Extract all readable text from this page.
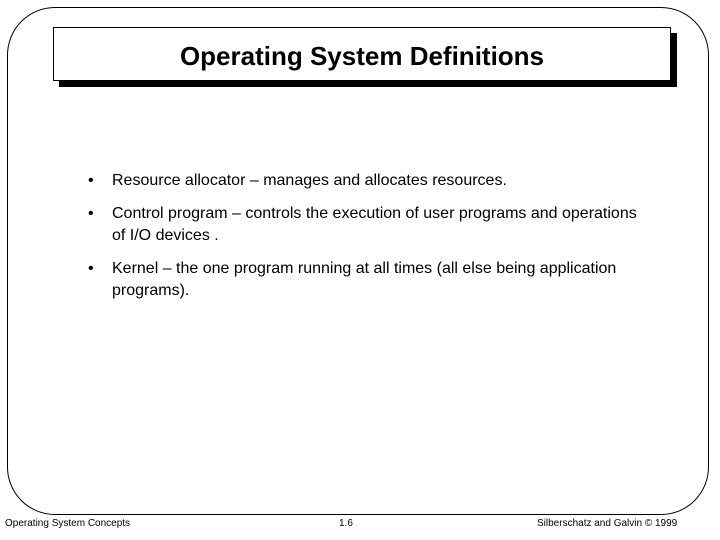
Operating System Definitions
• Resource allocator – manages and allocates resources.
• Control program – controls the execution of user programs and operations of I/O devices .
• Kernel – the one program running at all times (all else being application programs).
Operating System Concepts	1.6	Silberschatz and Galvin © 1999
